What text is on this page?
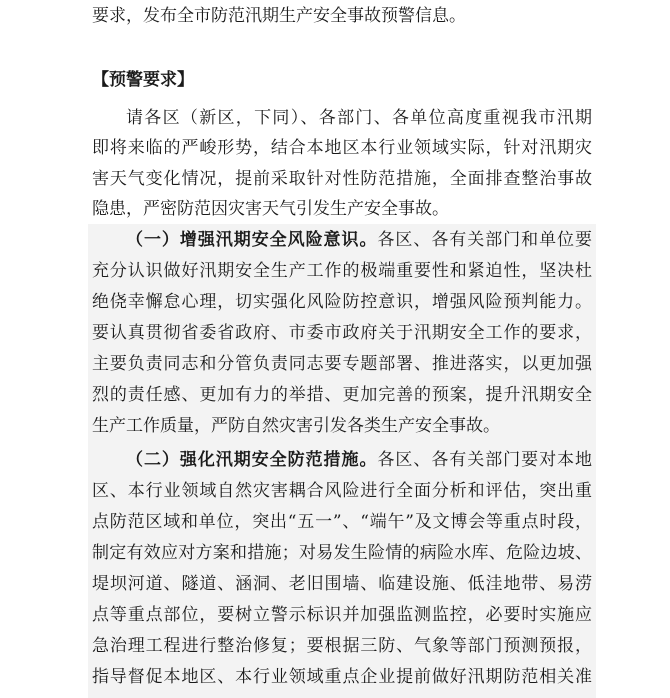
要求，发布全市防范汛期生产安全事故预警信息。
【预警要求】
请各区（新区，下同）、各部门、各单位高度重视我市汛期
即将来临的严峻形势，结合本地区本行业领域实际，针对汛期灾
害天气变化情况，提前采取针对性防范措施，全面排查整治事故
隐患，严密防范因灾害天气引发生产安全事故。
（一）增强汛期安全风险意识。各区、各有关部门和单位要
充分认识做好汛期安全生产工作的极端重要性和紧迫性，坚决杜
绝侥幸懈怠心理，切实强化风险防控意识，增强风险预判能力。
要认真贯彻省委省政府、市委市政府关于汛期安全工作的要求，
主要负责同志和分管负责同志要专题部署、推进落实，以更加强
烈的责任感、更加有力的举措、更加完善的预案，提升汛期安全
生产工作质量，严防自然灾害引发各类生产安全事故。
（二）强化汛期安全防范措施。各区、各有关部门要对本地
区、本行业领域自然灾害耦合风险进行全面分析和评估，突出重
点防范区域和单位，突出“五一”、“端午”及文博会等重点时段，
制定有效应对方案和措施；对易发生险情的病险水库、危险边坡、
堤坝河道、隧道、涵洞、老旧围墙、临建设施、低洼地带、易涝
点等重点部位，要树立警示标识并加强监测监控，必要时实施应
急治理工程进行整治修复；要根据三防、气象等部门预测预报，
指导督促本地区、本行业领域重点企业提前做好汛期防范相关准
